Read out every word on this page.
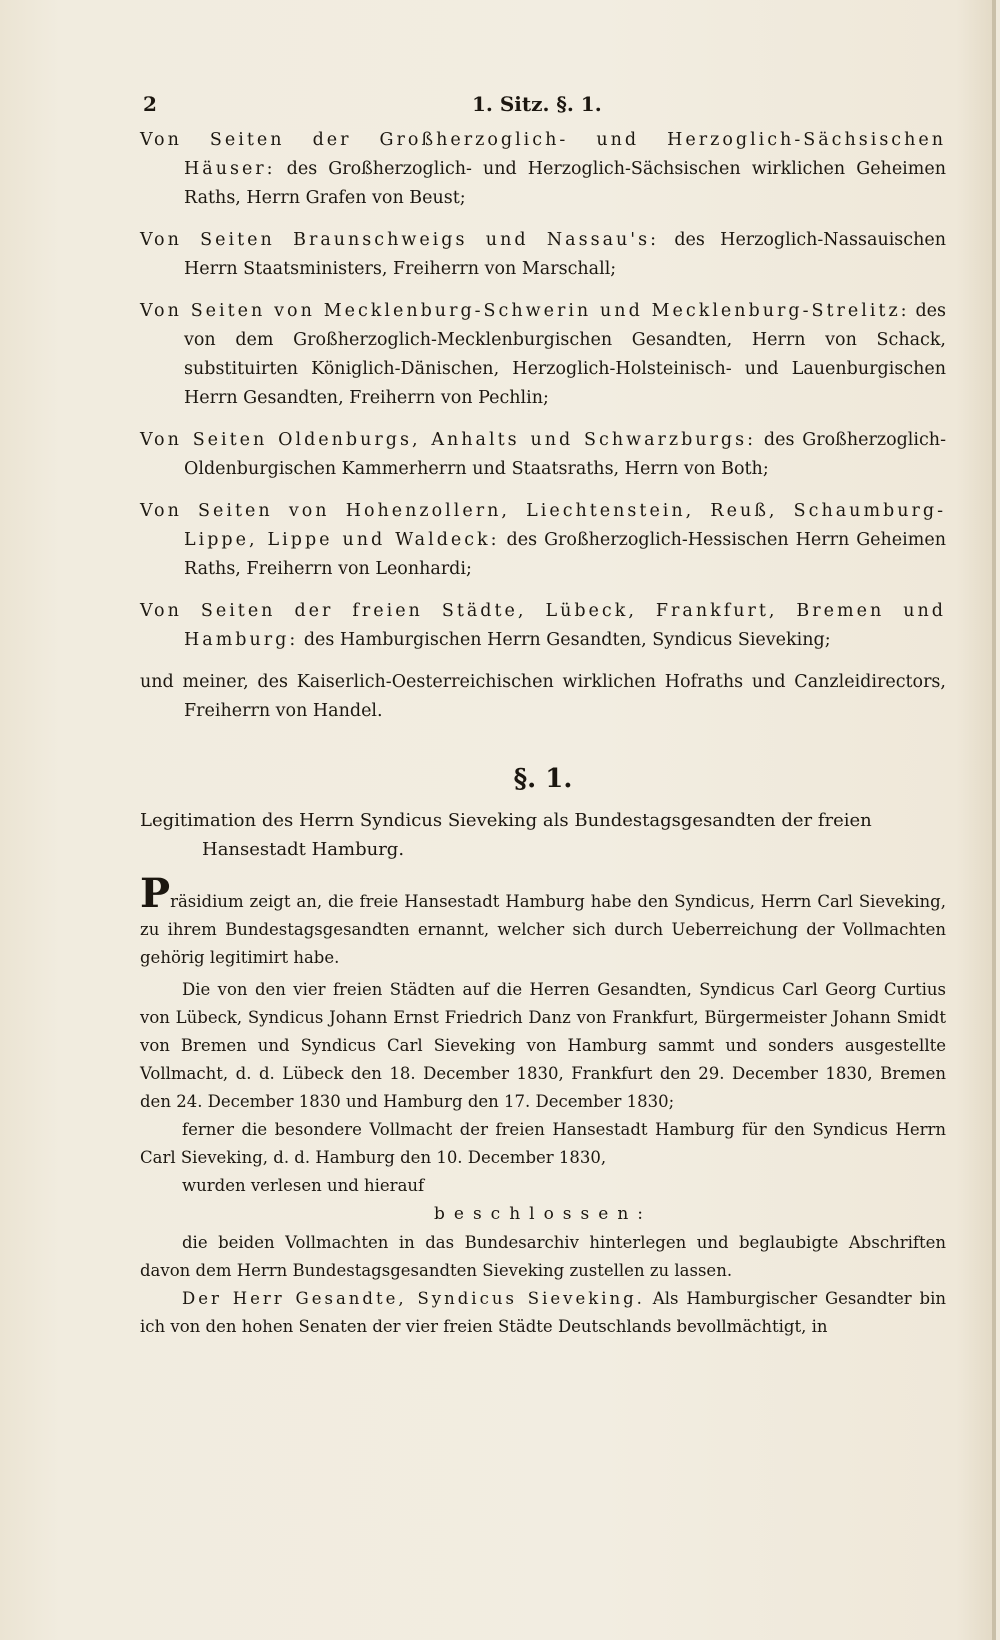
2	1. Sitz. §. 1.

Von Seiten der Großherzoglich- und Herzoglich-Sächsischen Häuser: des Großherzoglich- und Herzoglich-Sächsischen wirklichen Geheimen Raths, Herrn Grafen von Beust;

Von Seiten Braunschweigs und Nassau's: des Herzoglich-Nassauischen Herrn Staatsministers, Freiherrn von Marschall;

Von Seiten von Mecklenburg-Schwerin und Mecklenburg-Strelitz: des von dem Großherzoglich-Mecklenburgischen Gesandten, Herrn von Schack, substituirten Königlich-Dänischen, Herzoglich-Holsteinisch- und Lauenburgischen Herrn Gesandten, Freiherrn von Pechlin;

Von Seiten Oldenburgs, Anhalts und Schwarzburgs: des Großherzoglich-Oldenburgischen Kammerherrn und Staatsraths, Herrn von Both;

Von Seiten von Hohenzollern, Liechtenstein, Reuß, Schaumburg-Lippe, Lippe und Waldeck: des Großherzoglich-Hessischen Herrn Geheimen Raths, Freiherrn von Leonhardi;

Von Seiten der freien Städte, Lübeck, Frankfurt, Bremen und Hamburg: des Hamburgischen Herrn Gesandten, Syndicus Sieveking;

und meiner, des Kaiserlich-Oesterreichischen wirklichen Hofraths und Canzleidirectors, Freiherrn von Handel.

§. 1.

Legitimation des Herrn Syndicus Sieveking als Bundestagsgesandten der freien Hansestadt Hamburg.

Präsidium zeigt an, die freie Hansestadt Hamburg habe den Syndicus, Herrn Carl Sieveking, zu ihrem Bundestagsgesandten ernannt, welcher sich durch Ueberreichung der Vollmachten gehörig legitimirt habe.

Die von den vier freien Städten auf die Herren Gesandten, Syndicus Carl Georg Curtius von Lübeck, Syndicus Johann Ernst Friedrich Danz von Frankfurt, Bürgermeister Johann Smidt von Bremen und Syndicus Carl Sieveking von Hamburg sammt und sonders ausgestellte Vollmacht, d. d. Lübeck den 18. December 1830, Frankfurt den 29. December 1830, Bremen den 24. December 1830 und Hamburg den 17. December 1830;

ferner die besondere Vollmacht der freien Hansestadt Hamburg für den Syndicus Herrn Carl Sieveking, d. d. Hamburg den 10. December 1830,

wurden verlesen und hierauf

beschlossen:

die beiden Vollmachten in das Bundesarchiv hinterlegen und beglaubigte Abschriften davon dem Herrn Bundestagsgesandten Sieveking zustellen zu lassen.

Der Herr Gesandte, Syndicus Sieveking. Als Hamburgischer Gesandter bin ich von den hohen Senaten der vier freien Städte Deutschlands bevollmächtigt, in
